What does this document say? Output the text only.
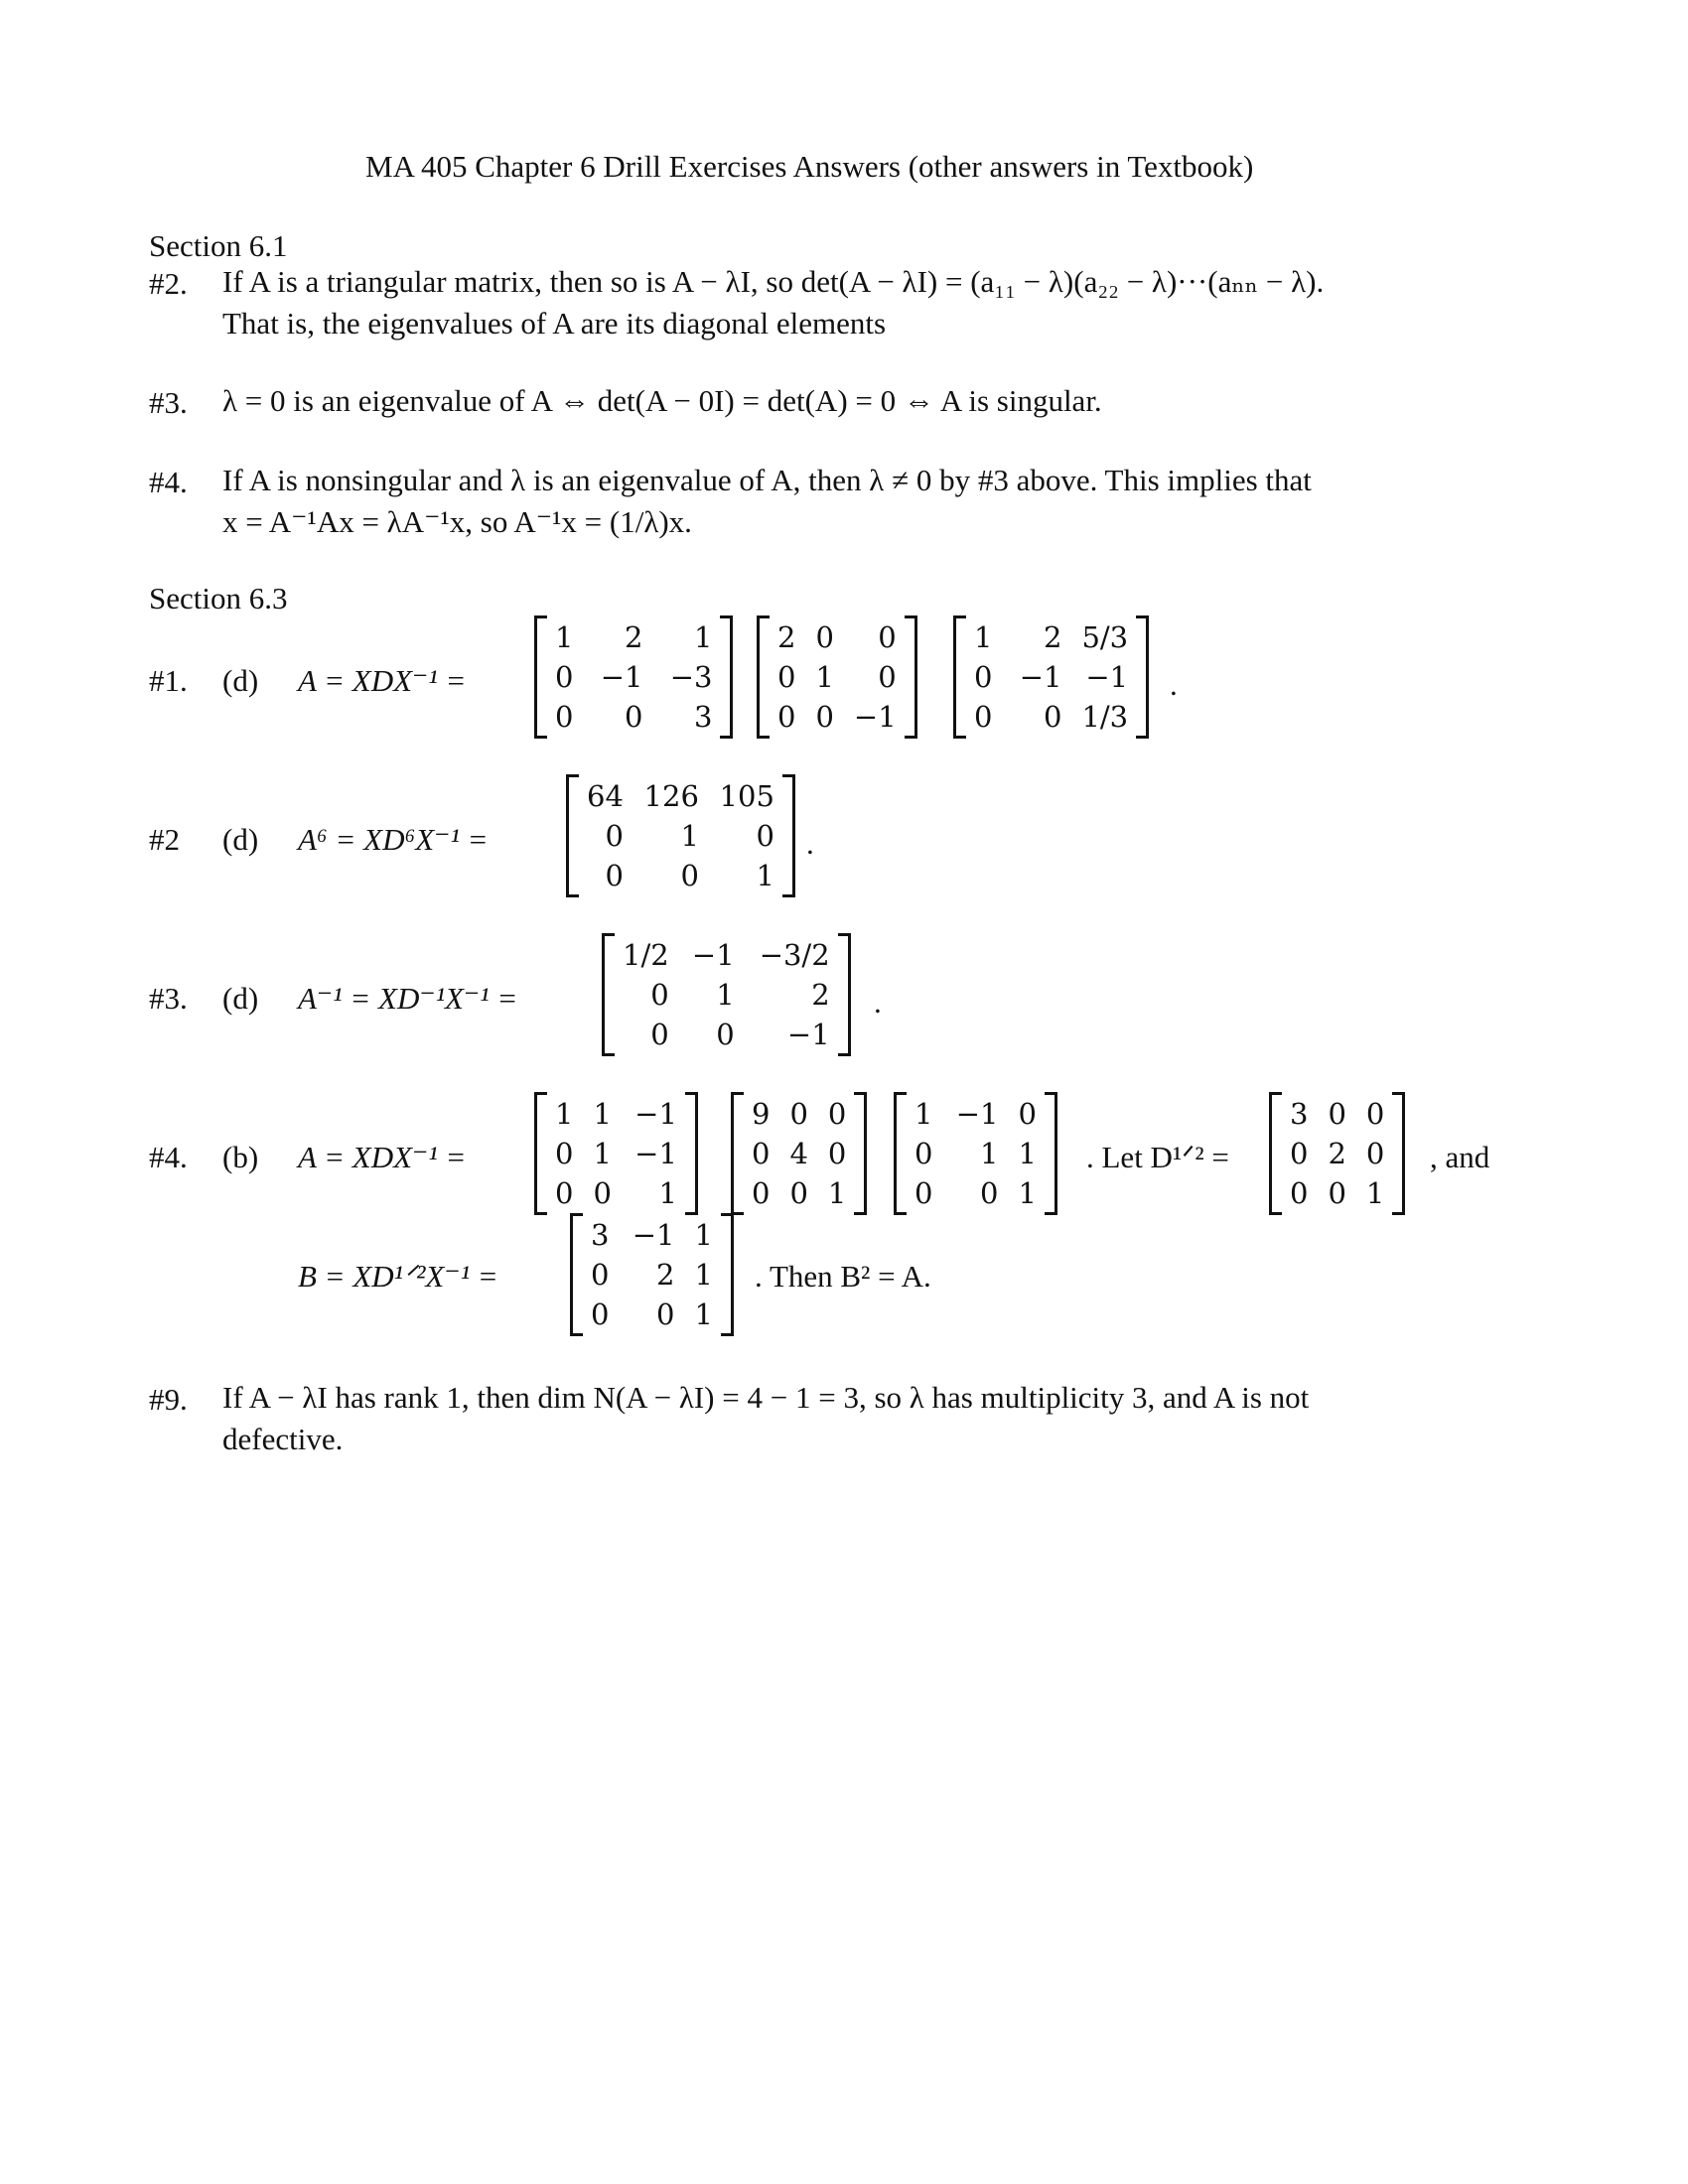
MA 405 Chapter 6 Drill Exercises Answers (other answers in Textbook)
Section 6.1
#2. If A is a triangular matrix, then so is A − λI, so det(A − λI) = (a₁₁ − λ)(a₂₂ − λ)···(aₙₙ − λ).
That is, the eigenvalues of A are its diagonal elements
#3. λ = 0 is an eigenvalue of A ⇔ det(A − 0I) = det(A) = 0 ⇔ A is singular.
#4. If A is nonsingular and λ is an eigenvalue of A, then λ ≠ 0 by #3 above. This implies that
x = A⁻¹Ax = λA⁻¹x, so A⁻¹x = (1/λ)x.
Section 6.3
#1. (d) A = XDX⁻¹ =
1	2	1
0	−1	−3
0	0	3
2	0	0
0	1	0
0	0	−1
1	2	5/3
0	−1	−1
0	0	1/3
.
#2 (d) A⁶ = XD⁶X⁻¹ =
64	126	105
0	1	0
0	0	1
.
#3. (d) A⁻¹ = XD⁻¹X⁻¹ =
1/2	−1	−3/2
0	1	2
0	0	−1
.
#4. (b) A = XDX⁻¹ =
1	1	−1
0	1	−1
0	0	1
9	0	0
0	4	0
0	0	1
1	−1	0
0	1	1
0	0	1
. Let D¹ᐟ² =
3	0	0
0	2	0
0	0	1
, and
B = XD¹ᐟ²X⁻¹ =
3	−1	1
0	2	1
0	0	1
. Then B² = A.
#9. If A − λI has rank 1, then dim N(A − λI) = 4 − 1 = 3, so λ has multiplicity 3, and A is not
defective.
